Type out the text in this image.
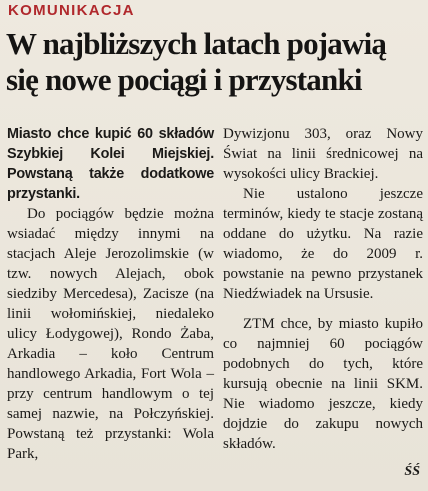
KOMUNIKACJA
W najbliższych latach pojawią się nowe pociągi i przystanki

Miasto chce kupić 60 składów Szybkiej Kolei Miejskiej. Powstaną także dodatkowe przystanki.

Do pociągów będzie można wsiadać między innymi na stacjach Aleje Jerozolimskie (w tzw. nowych Alejach, obok siedziby Mercedesa), Zacisze (na linii wołomińskiej, niedaleko ulicy Łodygowej), Rondo Żaba, Arkadia – koło Centrum handlowego Arkadia, Fort Wola – przy centrum handlowym o tej samej nazwie, na Połczyńskiej. Powstaną też przystanki: Wola Park,

Dywizjonu 303, oraz Nowy Świat na linii średnicowej na wysokości ulicy Brackiej.

Nie ustalono jeszcze terminów, kiedy te stacje zostaną oddane do użytku. Na razie wiadomo, że do 2009 r. powstanie na pewno przystanek Niedźwiadek na Ursusie.

ZTM chce, by miasto kupiło co najmniej 60 pociągów podobnych do tych, które kursują obecnie na linii SKM. Nie wiadomo jeszcze, kiedy dojdzie do zakupu nowych składów.

ŚŚ
